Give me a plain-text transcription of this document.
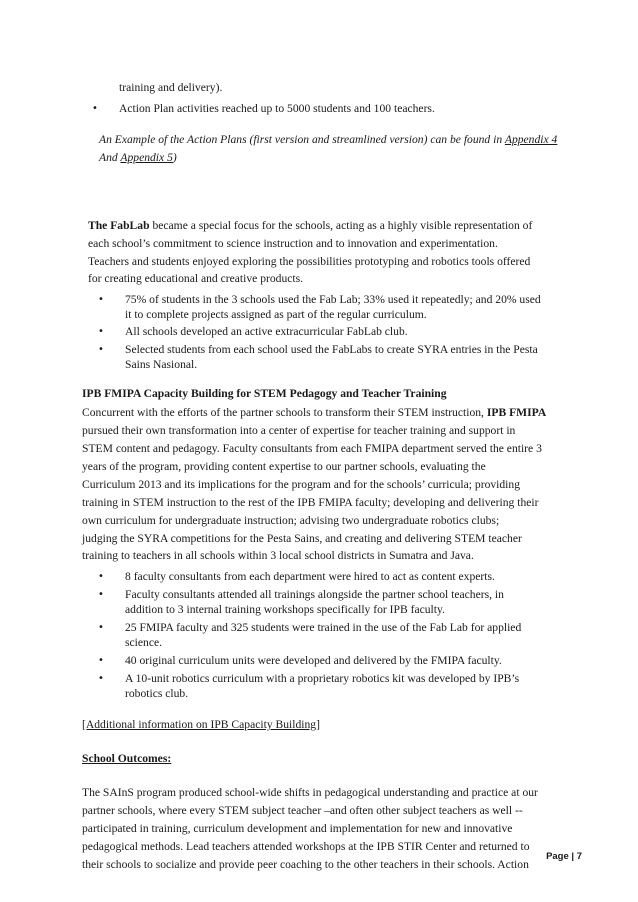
training and delivery).
• Action Plan activities reached up to 5000 students and 100 teachers.
An Example of the Action Plans (first version and streamlined version) can be found in Appendix 4
And Appendix 5)
The FabLab became a special focus for the schools, acting as a highly visible representation of
each school’s commitment to science instruction and to innovation and experimentation.
Teachers and students enjoyed exploring the possibilities prototyping and robotics tools offered
for creating educational and creative products.
• 75% of students in the 3 schools used the Fab Lab; 33% used it repeatedly; and 20% used
it to complete projects assigned as part of the regular curriculum.
• All schools developed an active extracurricular FabLab club.
• Selected students from each school used the FabLabs to create SYRA entries in the Pesta
Sains Nasional.
IPB FMIPA Capacity Building for STEM Pedagogy and Teacher Training
Concurrent with the efforts of the partner schools to transform their STEM instruction, IPB FMIPA
pursued their own transformation into a center of expertise for teacher training and support in
STEM content and pedagogy. Faculty consultants from each FMIPA department served the entire 3
years of the program, providing content expertise to our partner schools, evaluating the
Curriculum 2013 and its implications for the program and for the schools’ curricula; providing
training in STEM instruction to the rest of the IPB FMIPA faculty; developing and delivering their
own curriculum for undergraduate instruction; advising two undergraduate robotics clubs;
judging the SYRA competitions for the Pesta Sains, and creating and delivering STEM teacher
training to teachers in all schools within 3 local school districts in Sumatra and Java.
• 8 faculty consultants from each department were hired to act as content experts.
• Faculty consultants attended all trainings alongside the partner school teachers, in
addition to 3 internal training workshops specifically for IPB faculty.
• 25 FMIPA faculty and 325 students were trained in the use of the Fab Lab for applied
science.
• 40 original curriculum units were developed and delivered by the FMIPA faculty.
• A 10-unit robotics curriculum with a proprietary robotics kit was developed by IPB’s
robotics club.
[Additional information on IPB Capacity Building]
School Outcomes:
The SAInS program produced school-wide shifts in pedagogical understanding and practice at our
partner schools, where every STEM subject teacher –and often other subject teachers as well --
participated in training, curriculum development and implementation for new and innovative
pedagogical methods. Lead teachers attended workshops at the IPB STIR Center and returned to
their schools to socialize and provide peer coaching to the other teachers in their schools. Action
Page | 7
